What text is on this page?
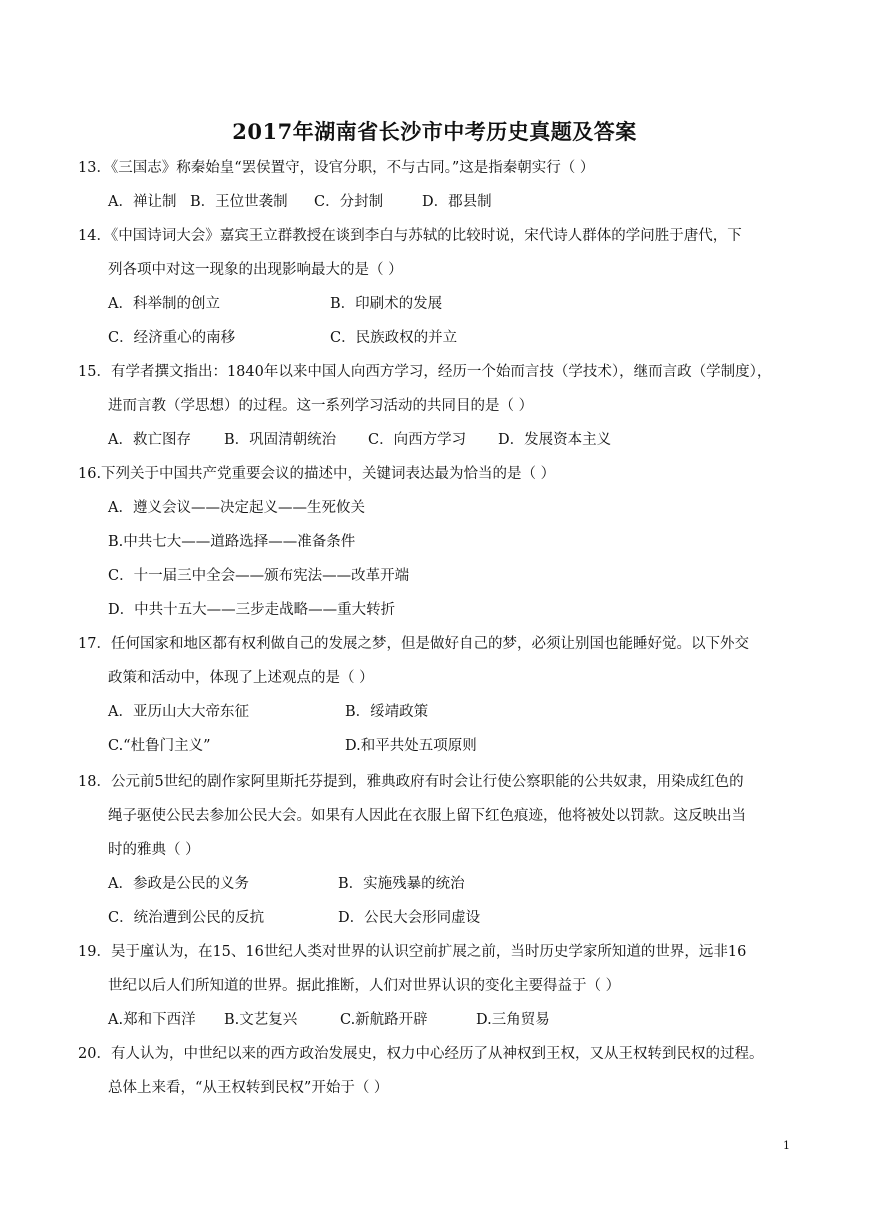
2017年湖南省长沙市中考历史真题及答案
13．《三国志》称秦始皇“罢侯置守，设官分职，不与古同。”这是指秦朝实行（ ）
A．禅让制 B．王位世袭制 C．分封制	D．郡县制
14．《中国诗词大会》嘉宾王立群教授在谈到李白与苏轼的比较时说，宋代诗人群体的学问胜于唐代，下
列各项中对这一现象的出现影响最大的是（ ）
A．科举制的创立	B．印刷术的发展
C．经济重心的南移	C．民族政权的并立
15．有学者撰文指出：1840年以来中国人向西方学习，经历一个始而言技（学技术），继而言政（学制度），
进而言教（学思想）的过程。这一系列学习活动的共同目的是（ ）
A．救亡图存 B．巩固清朝统治 C．向西方学习 D．发展资本主义
16.下列关于中国共产党重要会议的描述中，关键词表达最为恰当的是（ ）
A．遵义会议——决定起义——生死攸关
B.中共七大——道路选择——准备条件
C．十一届三中全会——颁布宪法——改革开端
D．中共十五大——三步走战略——重大转折
17．任何国家和地区都有权利做自己的发展之梦，但是做好自己的梦，必须让别国也能睡好觉。以下外交
政策和活动中，体现了上述观点的是（ ）
A．亚历山大大帝东征	B．绥靖政策
C.“杜鲁门主义”	D.和平共处五项原则
18．公元前5世纪的剧作家阿里斯托芬提到，雅典政府有时会让行使公察职能的公共奴隶，用染成红色的
绳子驱使公民去参加公民大会。如果有人因此在衣服上留下红色痕迹，他将被处以罚款。这反映出当
时的雅典（ ）
A．参政是公民的义务	B．实施残暴的统治
C．统治遭到公民的反抗	D．公民大会形同虚设
19．吴于廑认为，在15、16世纪人类对世界的认识空前扩展之前，当时历史学家所知道的世界，远非16
世纪以后人们所知道的世界。据此推断，人们对世界认识的变化主要得益于（ ）
A.郑和下西洋 B.文艺复兴	C.新航路开辟	D.三角贸易
20．有人认为，中世纪以来的西方政治发展史，权力中心经历了从神权到王权，又从王权转到民权的过程。
总体上来看，“从王权转到民权”开始于（ ）
1
